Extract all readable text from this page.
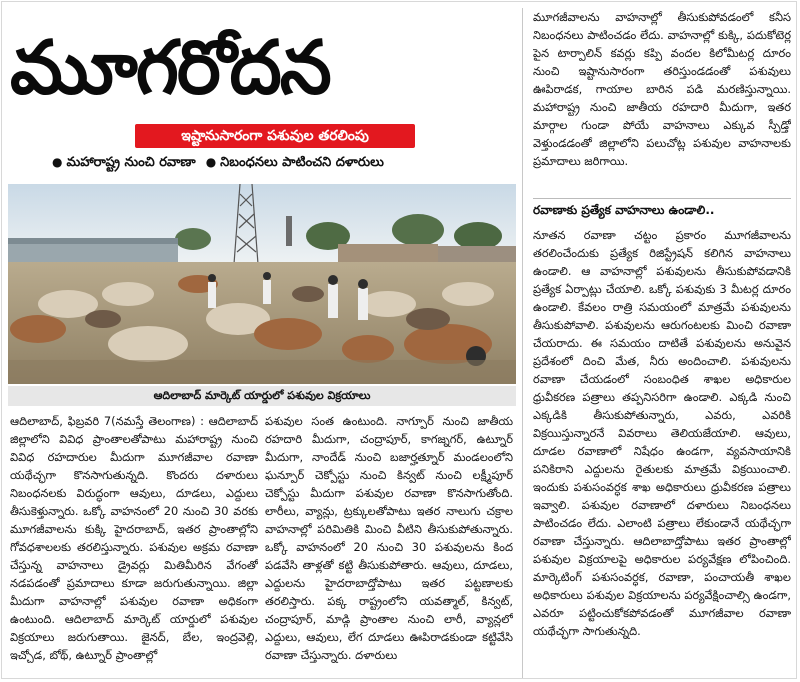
మూగరోదన
ఇష్టానుసారంగా పశువుల తరలింపు
● మహారాష్ట్ర నుంచి రవాణా ● నిబంధనలు పాటించని దళారులు
ఆదిలాబాద్ మార్కెట్ యార్డులో పశువుల విక్రయాలు

ఆదిలాబాద్, ఫిబ్రవరి 7(నమస్తే తెలంగాణ) : ఆదిలాబాద్ జిల్లాలోని వివిధ ప్రాంతాలతోపాటు మహారాష్ట్ర నుంచి వివిధ రహదారుల మీదుగా మూగజీవాల రవాణా యథేచ్ఛగా కొనసాగుతున్నది. కొందరు దళారులు నిబంధనలకు విరుద్ధంగా ఆవులు, దూడలు, ఎద్దులు తీసుకెళ్తున్నారు. ఒక్కో వాహనంలో 20 నుంచి 30 వరకు మూగజీవాలను కుక్కి హైదరాబాద్, ఇతర ప్రాంతాల్లోని గోవధశాలలకు తరలిస్తున్నారు. పశువుల అక్రమ రవాణా చేస్తున్న వాహనాలు డ్రైవర్లు మితిమీరిన వేగంతో నడపడంతో ప్రమాదాలు కూడా జరుగుతున్నాయి. జిల్లా మీదుగా వాహనాల్లో పశువుల రవాణా అధికంగా ఉంటుంది. ఆదిలాబాద్ మార్కెట్ యార్డులో పశువుల విక్రయాలు జరుగుతాయి. జైనద్, బేల, ఇంద్రవెల్లి, ఇచ్చోడ, బోథ్, ఉట్నూర్ ప్రాంతాల్లో

పశువుల సంత ఉంటుంది. నాగ్పూర్ నుంచి జాతీయ రహదారి మీదుగా, చంద్రాపూర్, కాగజ్నగర్, ఉట్నూర్ మీదుగా, నాందేడ్ నుంచి బజార్హత్నూర్ మండలంలోని ఘన్పూర్ చెక్పోస్టు నుంచి కిన్వట్ నుంచి లక్ష్మీపూర్ చెక్పోస్టు మీదుగా పశువుల రవాణా కొనసాగుతోంది. లారీలు, వ్యాన్లు, ట్రక్కులతోపాటు ఇతర నాలుగు చక్రాల వాహనాల్లో పరిమితికి మించి వీటిని తీసుకుపోతున్నారు. ఒక్కో వాహనంలో 20 నుంచి 30 పశువులను కింద పడవేసి తాళ్లతో కట్టి తీసుకుపోతారు. ఆవులు, దూడలు, ఎద్దులను హైదరాబాద్తోపాటు ఇతర పట్టణాలకు తరలిస్తారు. పక్క రాష్ట్రంలోని యవత్మాల్, కిన్వట్, చంద్రాపూర్, మాడ్గి ప్రాంతాల నుంచి లారీ, వ్యాన్లలో ఎద్దులు, ఆవులు, లేగ దూడలు ఊపిరాడకుండా కట్టివేసి రవాణా చేస్తున్నారు. దళారులు

మూగజీవాలను వాహనాల్లో తీసుకుపోవడంలో కనీస నిబంధనలు పాటించడం లేదు. వాహనాల్లో కుక్కి, పదుకోటెర్ల పైన టార్పాలిన్ కవర్లు కప్పి వందల కిలోమీటర్ల దూరం నుంచి ఇష్టానుసారంగా తరిస్తుండడంతో పశువులు ఊపిరాడక, గాయాల బారిన పడి మరణిస్తున్నాయి. మహారాష్ట్ర నుంచి జాతీయ రహదారి మీదుగా, ఇతర మార్గాల గుండా పోయే వాహనాలు ఎక్కువ స్పీడ్తో వెళ్తుండడంతో జిల్లాలోని పలుచోట్ల పశువుల వాహనాలకు ప్రమాదాలు జరిగాయి.

రవాణాకు ప్రత్యేక వాహనాలు ఉండాలి..

నూతన రవాణా చట్టం ప్రకారం మూగజీవాలను తరలించేందుకు ప్రత్యేక రిజిస్ట్రేషన్ కలిగిన వాహనాలు ఉండాలి. ఆ వాహనాల్లో పశువులను తీసుకుపోవడానికి ప్రత్యేక ఏర్పాట్లు చేయాలి. ఒక్కో పశువుకు 3 మీటర్ల దూరం ఉండాలి. కేవలం రాత్రి సమయంలో మాత్రమే పశువులను తీసుకుపోవాలి. పశువులను ఆరుగంటలకు మించి రవాణా చేయరాదు. ఈ సమయం దాటితే పశువులను అనువైన ప్రదేశంలో దించి మేత, నీరు అందించాలి. పశువులను రవాణా చేయడంలో సంబంధిత శాఖల అధికారుల ధ్రువీకరణ పత్రాలు తప్పనిసరిగా ఉండాలి. ఎక్కడి నుంచి ఎక్కడికి తీసుకుపోతున్నారు, ఎవరు, ఎవరికి విక్రయిస్తున్నారనే వివరాలు తెలియజేయాలి. ఆవులు, దూడల రవాణాలో నిషేధం ఉండగా, వ్యవసాయానికి పనికిరాని ఎద్దులను రైతులకు మాత్రమే విక్రయించాలి. ఇందుకు పశుసంవర్ధక శాఖ అధికారులు ధ్రువీకరణ పత్రాలు ఇవ్వాలి. పశువుల రవాణాలో దళారులు నిబంధనలు పాటించడం లేదు. ఎలాంటి పత్రాలు లేకుండానే యథేచ్ఛగా రవాణా చేస్తున్నారు. ఆదిలాబాద్తోపాటు ఇతర ప్రాంతాల్లో పశువుల విక్రయాలపై అధికారుల పర్యవేక్షణ లోపించింది. మార్కెటింగ్ పశుసంవర్ధక, రవాణా, పంచాయతీ శాఖల అధికారులు పశువుల విక్రయాలను పర్యవేక్షించాల్సి ఉండగా, ఎవరూ పట్టించుకోకపోవడంతో మూగజీవాల రవాణా యథేచ్ఛగా సాగుతున్నది.
